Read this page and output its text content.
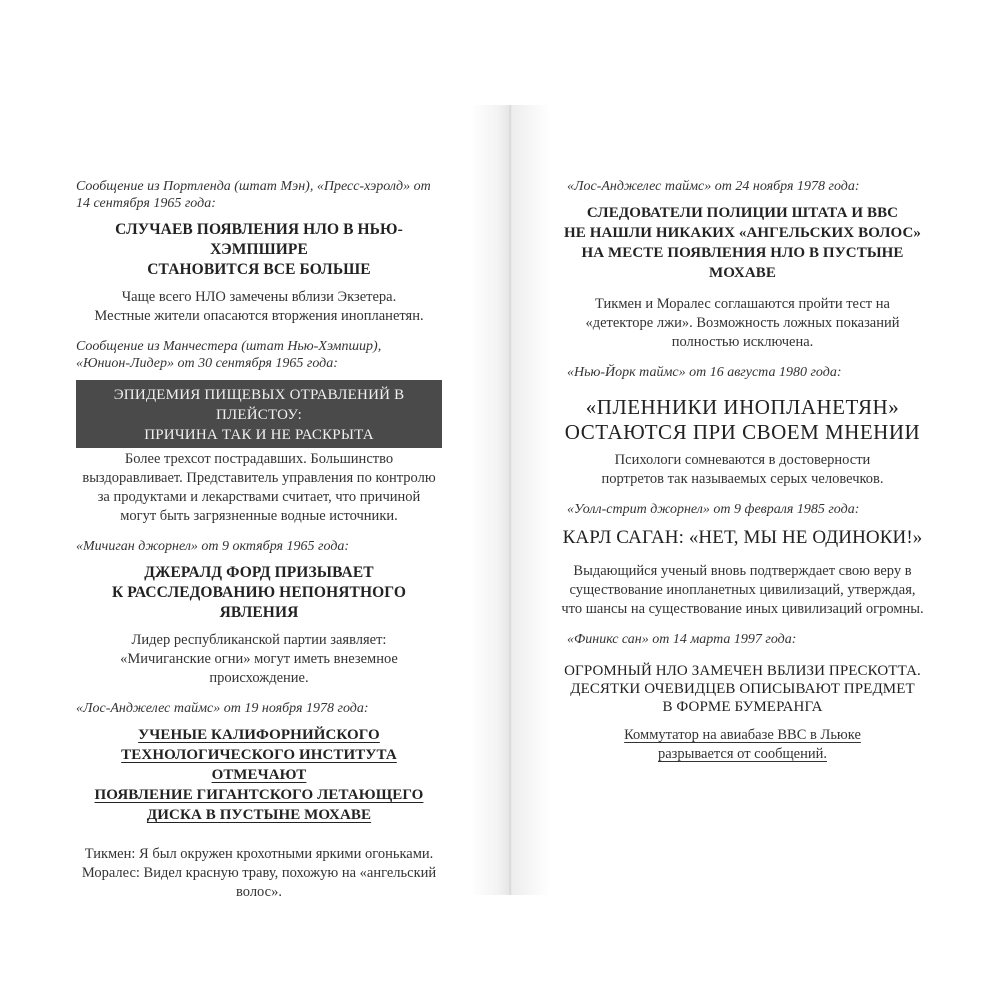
Сообщение из Портленда (штат Мэн), «Пресс-хэролд» от
14 сентября 1965 года:

СЛУЧАЕВ ПОЯВЛЕНИЯ НЛО В НЬЮ-ХЭМПШИРЕ
СТАНОВИТСЯ ВСЕ БОЛЬШЕ

Чаще всего НЛО замечены вблизи Экзетера.
Местные жители опасаются вторжения инопланетян.

Сообщение из Манчестера (штат Нью-Хэмпшир),
«Юнион-Лидер» от 30 сентября 1965 года:

ЭПИДЕМИЯ ПИЩЕВЫХ ОТРАВЛЕНИЙ В ПЛЕЙСТОУ:
ПРИЧИНА ТАК И НЕ РАСКРЫТА

Более трехсот пострадавших. Большинство
выздоравливает. Представитель управления по контролю
за продуктами и лекарствами считает, что причиной
могут быть загрязненные водные источники.

«Мичиган джорнел» от 9 октября 1965 года:

ДЖЕРАЛД ФОРД ПРИЗЫВАЕТ
К РАССЛЕДОВАНИЮ НЕПОНЯТНОГО ЯВЛЕНИЯ

Лидер республиканской партии заявляет:
«Мичиганские огни» могут иметь внеземное
происхождение.

«Лос-Анджелес таймс» от 19 ноября 1978 года:

УЧЕНЫЕ КАЛИФОРНИЙСКОГО
ТЕХНОЛОГИЧЕСКОГО ИНСТИТУТА ОТМЕЧАЮТ
ПОЯВЛЕНИЕ ГИГАНТСКОГО ЛЕТАЮЩЕГО
ДИСКА В ПУСТЫНЕ МОХАВЕ

Тикмен: Я был окружен крохотными яркими огоньками.
Моралес: Видел красную траву, похожую на «ангельский
волос».

«Лос-Анджелес таймс» от 24 ноября 1978 года:

СЛЕДОВАТЕЛИ ПОЛИЦИИ ШТАТА И ВВС
НЕ НАШЛИ НИКАКИХ «АНГЕЛЬСКИХ ВОЛОС»
НА МЕСТЕ ПОЯВЛЕНИЯ НЛО В ПУСТЫНЕ
МОХАВЕ

Тикмен и Моралес соглашаются пройти тест на
«детекторе лжи». Возможность ложных показаний
полностью исключена.

«Нью-Йорк таймс» от 16 августа 1980 года:

«ПЛЕННИКИ ИНОПЛАНЕТЯН»
ОСТАЮТСЯ ПРИ СВОЕМ МНЕНИИ

Психологи сомневаются в достоверности
портретов так называемых серых человечков.

«Уолл-стрит джорнел» от 9 февраля 1985 года:

КАРЛ САГАН: «НЕТ, МЫ НЕ ОДИНОКИ!»

Выдающийся ученый вновь подтверждает свою веру в
существование инопланетных цивилизаций, утверждая,
что шансы на существование иных цивилизаций огромны.

«Финикс сан» от 14 марта 1997 года:

ОГРОМНЫЙ НЛО ЗАМЕЧЕН ВБЛИЗИ ПРЕСКОТТА.
ДЕСЯТКИ ОЧЕВИДЦЕВ ОПИСЫВАЮТ ПРЕДМЕТ
В ФОРМЕ БУМЕРАНГА

Коммутатор на авиабазе ВВС в Льюке
разрывается от сообщений.
